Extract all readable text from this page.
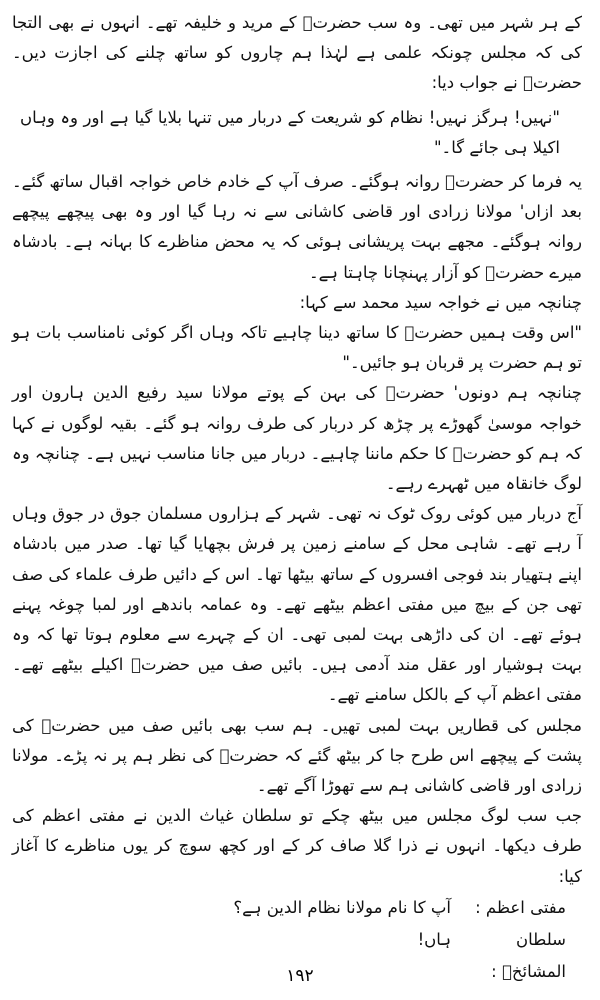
کے ہر شہر میں تھی۔ وہ سب حضرتؒ کے مرید و خلیفہ تھے۔ انہوں نے بھی التجا کی کہ مجلس چونکہ علمی ہے لہٰذا ہم چاروں کو ساتھ چلنے کی اجازت دیں۔ حضرتؒ نے جواب دیا:

"نہیں! ہرگز نہیں! نظام کو شریعت کے دربار میں تنہا بلایا گیا ہے اور وہ وہاں اکیلا ہی جائے گا۔"

یہ فرما کر حضرتؒ روانہ ہوگئے۔ صرف آپ کے خادم خاص خواجہ اقبال ساتھ گئے۔ بعد ازاں' مولانا زرادی اور قاضی کاشانی سے نہ رہا گیا اور وہ بھی پیچھے پیچھے روانہ ہوگئے۔ مجھے بہت پریشانی ہوئی کہ یہ محض مناظرے کا بہانہ ہے۔ بادشاہ میرے حضرتؒ کو آزار پہنچانا چاہتا ہے۔

چنانچہ میں نے خواجہ سید محمد سے کہا:

"اس وقت ہمیں حضرتؒ کا ساتھ دینا چاہیے تاکہ وہاں اگر کوئی نامناسب بات ہو تو ہم حضرت پر قربان ہو جائیں۔"

چنانچہ ہم دونوں' حضرتؒ کی بہن کے پوتے مولانا سید رفیع الدین ہارون اور خواجہ موسیٰ گھوڑے پر چڑھ کر دربار کی طرف روانہ ہو گئے۔ بقیہ لوگوں نے کہا کہ ہم کو حضرتؒ کا حکم ماننا چاہیے۔ دربار میں جانا مناسب نہیں ہے۔ چنانچہ وہ لوگ خانقاہ میں ٹھہرے رہے۔

آج دربار میں کوئی روک ٹوک نہ تھی۔ شہر کے ہزاروں مسلمان جوق در جوق وہاں آ رہے تھے۔ شاہی محل کے سامنے زمین پر فرش بچھایا گیا تھا۔ صدر میں بادشاہ اپنے ہتھیار بند فوجی افسروں کے ساتھ بیٹھا تھا۔ اس کے دائیں طرف علماء کی صف تھی جن کے بیچ میں مفتی اعظم بیٹھے تھے۔ وہ عمامہ باندھے اور لمبا چوغہ پہنے ہوئے تھے۔ ان کی داڑھی بہت لمبی تھی۔ ان کے چہرے سے معلوم ہوتا تھا کہ وہ بہت ہوشیار اور عقل مند آدمی ہیں۔ بائیں صف میں حضرتؒ اکیلے بیٹھے تھے۔ مفتی اعظم آپ کے بالکل سامنے تھے۔

مجلس کی قطاریں بہت لمبی تھیں۔ ہم سب بھی بائیں صف میں حضرتؒ کی پشت کے پیچھے اس طرح جا کر بیٹھ گئے کہ حضرتؒ کی نظر ہم پر نہ پڑے۔ مولانا زرادی اور قاضی کاشانی ہم سے تھوڑا آگے تھے۔

جب سب لوگ مجلس میں بیٹھ چکے تو سلطان غیاث الدین نے مفتی اعظم کی طرف دیکھا۔ انہوں نے ذرا گلا صاف کر کے اور کچھ سوچ کر یوں مناظرے کا آغاز کیا:

مفتی اعظم :
آپ کا نام مولانا نظام الدین ہے؟
سلطان المشائخؒ :
ہاں!
۱۹۲
